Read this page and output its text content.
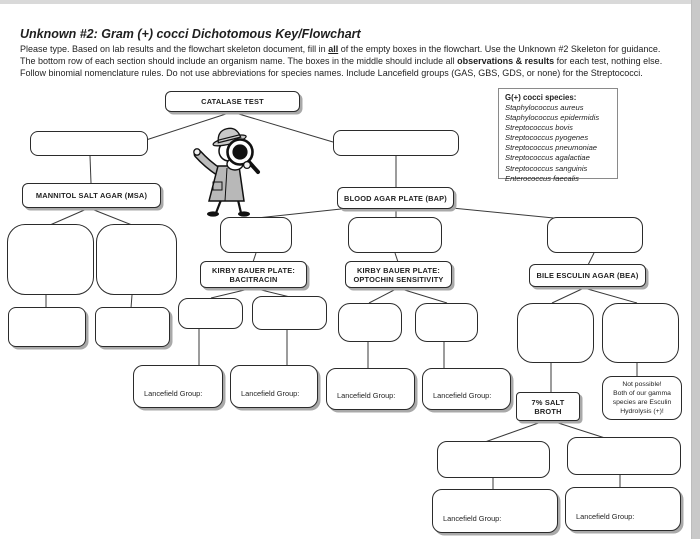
Unknown #2: Gram (+) cocci Dichotomous Key/Flowchart

Please type. Based on lab results and the flowchart skeleton document, fill in all of the empty boxes in the flowchart. Use the Unknown #2 Skeleton for guidance.

The bottom row of each section should include an organism name. The boxes in the middle should include all observations & results for each test, nothing else.

Follow binomial nomenclature rules. Do not use abbreviations for species names. Include Lancefield groups (GAS, GBS, GDS, or none) for the Streptococci.

G(+) cocci species:
Staphylococcus aureus
Staphylococcus epidermidis
Streptococcus bovis
Streptococcus pyogenes
Streptococcus pneumoniae
Streptococcus agalactiae
Streptococcus sanguinis
Enterococcus faecalis
CATALASE TEST
MANNITOL SALT AGAR (MSA)	BLOOD AGAR PLATE (BAP)
KIRBY BAUER PLATE:
BACITRACIN
KIRBY BAUER PLATE:
OPTOCHIN SENSITIVITY	BILE ESCULIN AGAR (BEA)
7% SALT
BROTH
Not possible!
Both of our gamma
species are Esculin
Hydrolysis (+)!
Lancefield Group:	Lancefield Group:	Lancefield Group:	Lancefield Group:
Lancefield Group:	Lancefield Group:
